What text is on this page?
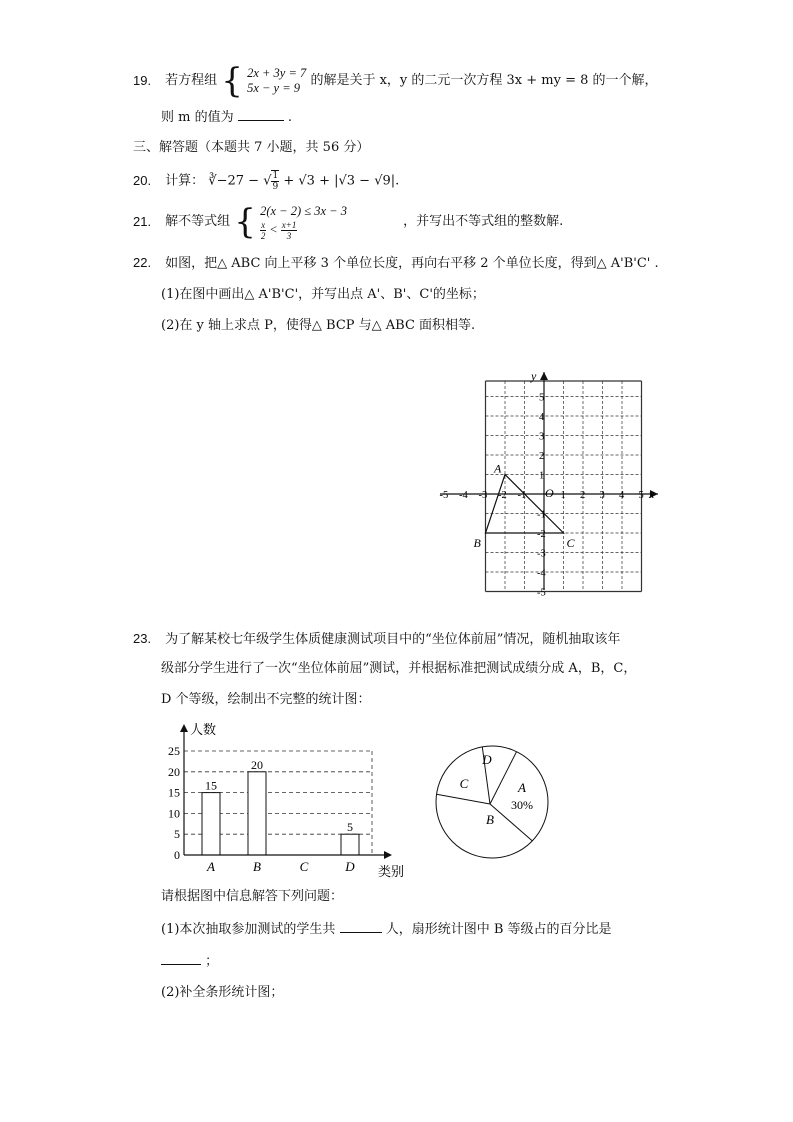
19. 若方程组 { 2x + 3y = 7
5x − y = 9 的解是关于 x，y 的二元一次方程 3x + my = 8 的一个解，
则 m 的值为	.
三、解答题（本题共 7 小题，共 56 分）
20. 计算： ∛−27 − √ $\frac{1}{9} + √3 + |√3 - √9|$.
21. 解不等式组 { 2(x − 2) ≤ 3x − 3

$\frac{x}{2} < \frac{x+1}{3}$	，并写出不等式组的整数解.
22. 如图，把△ ABC 向上平移 3 个单位长度，再向右平移 2 个单位长度，得到△ A'B'C' .
(1)在图中画出△ A'B'C'，并写出点 A'、B'、C'的坐标；
(2)在 y 轴上求点 P，使得△ BCP 与△ ABC 面积相等.
-5 -4 -3 -2 -1	1 2 3 4 5
5
4
3
2
1
-1
-2
-3
-4
-5
x
y
O
A
B	C
23. 为了解某校七年级学生体质健康测试项目中的“坐位体前屈”情况，随机抽取该年
级部分学生进行了一次“坐位体前屈”测试，并根据标准把测试成绩分成 A，B，C，
D 个等级，绘制出不完整的统计图：
0
5
10
15
20
25
15
20
5
A	B	C	D
人数
类别
D
A
B
C
30%
请根据图中信息解答下列问题：
(1)本次抽取参加测试的学生共	人，扇形统计图中 B 等级占的百分比是
；
(2)补全条形统计图；
